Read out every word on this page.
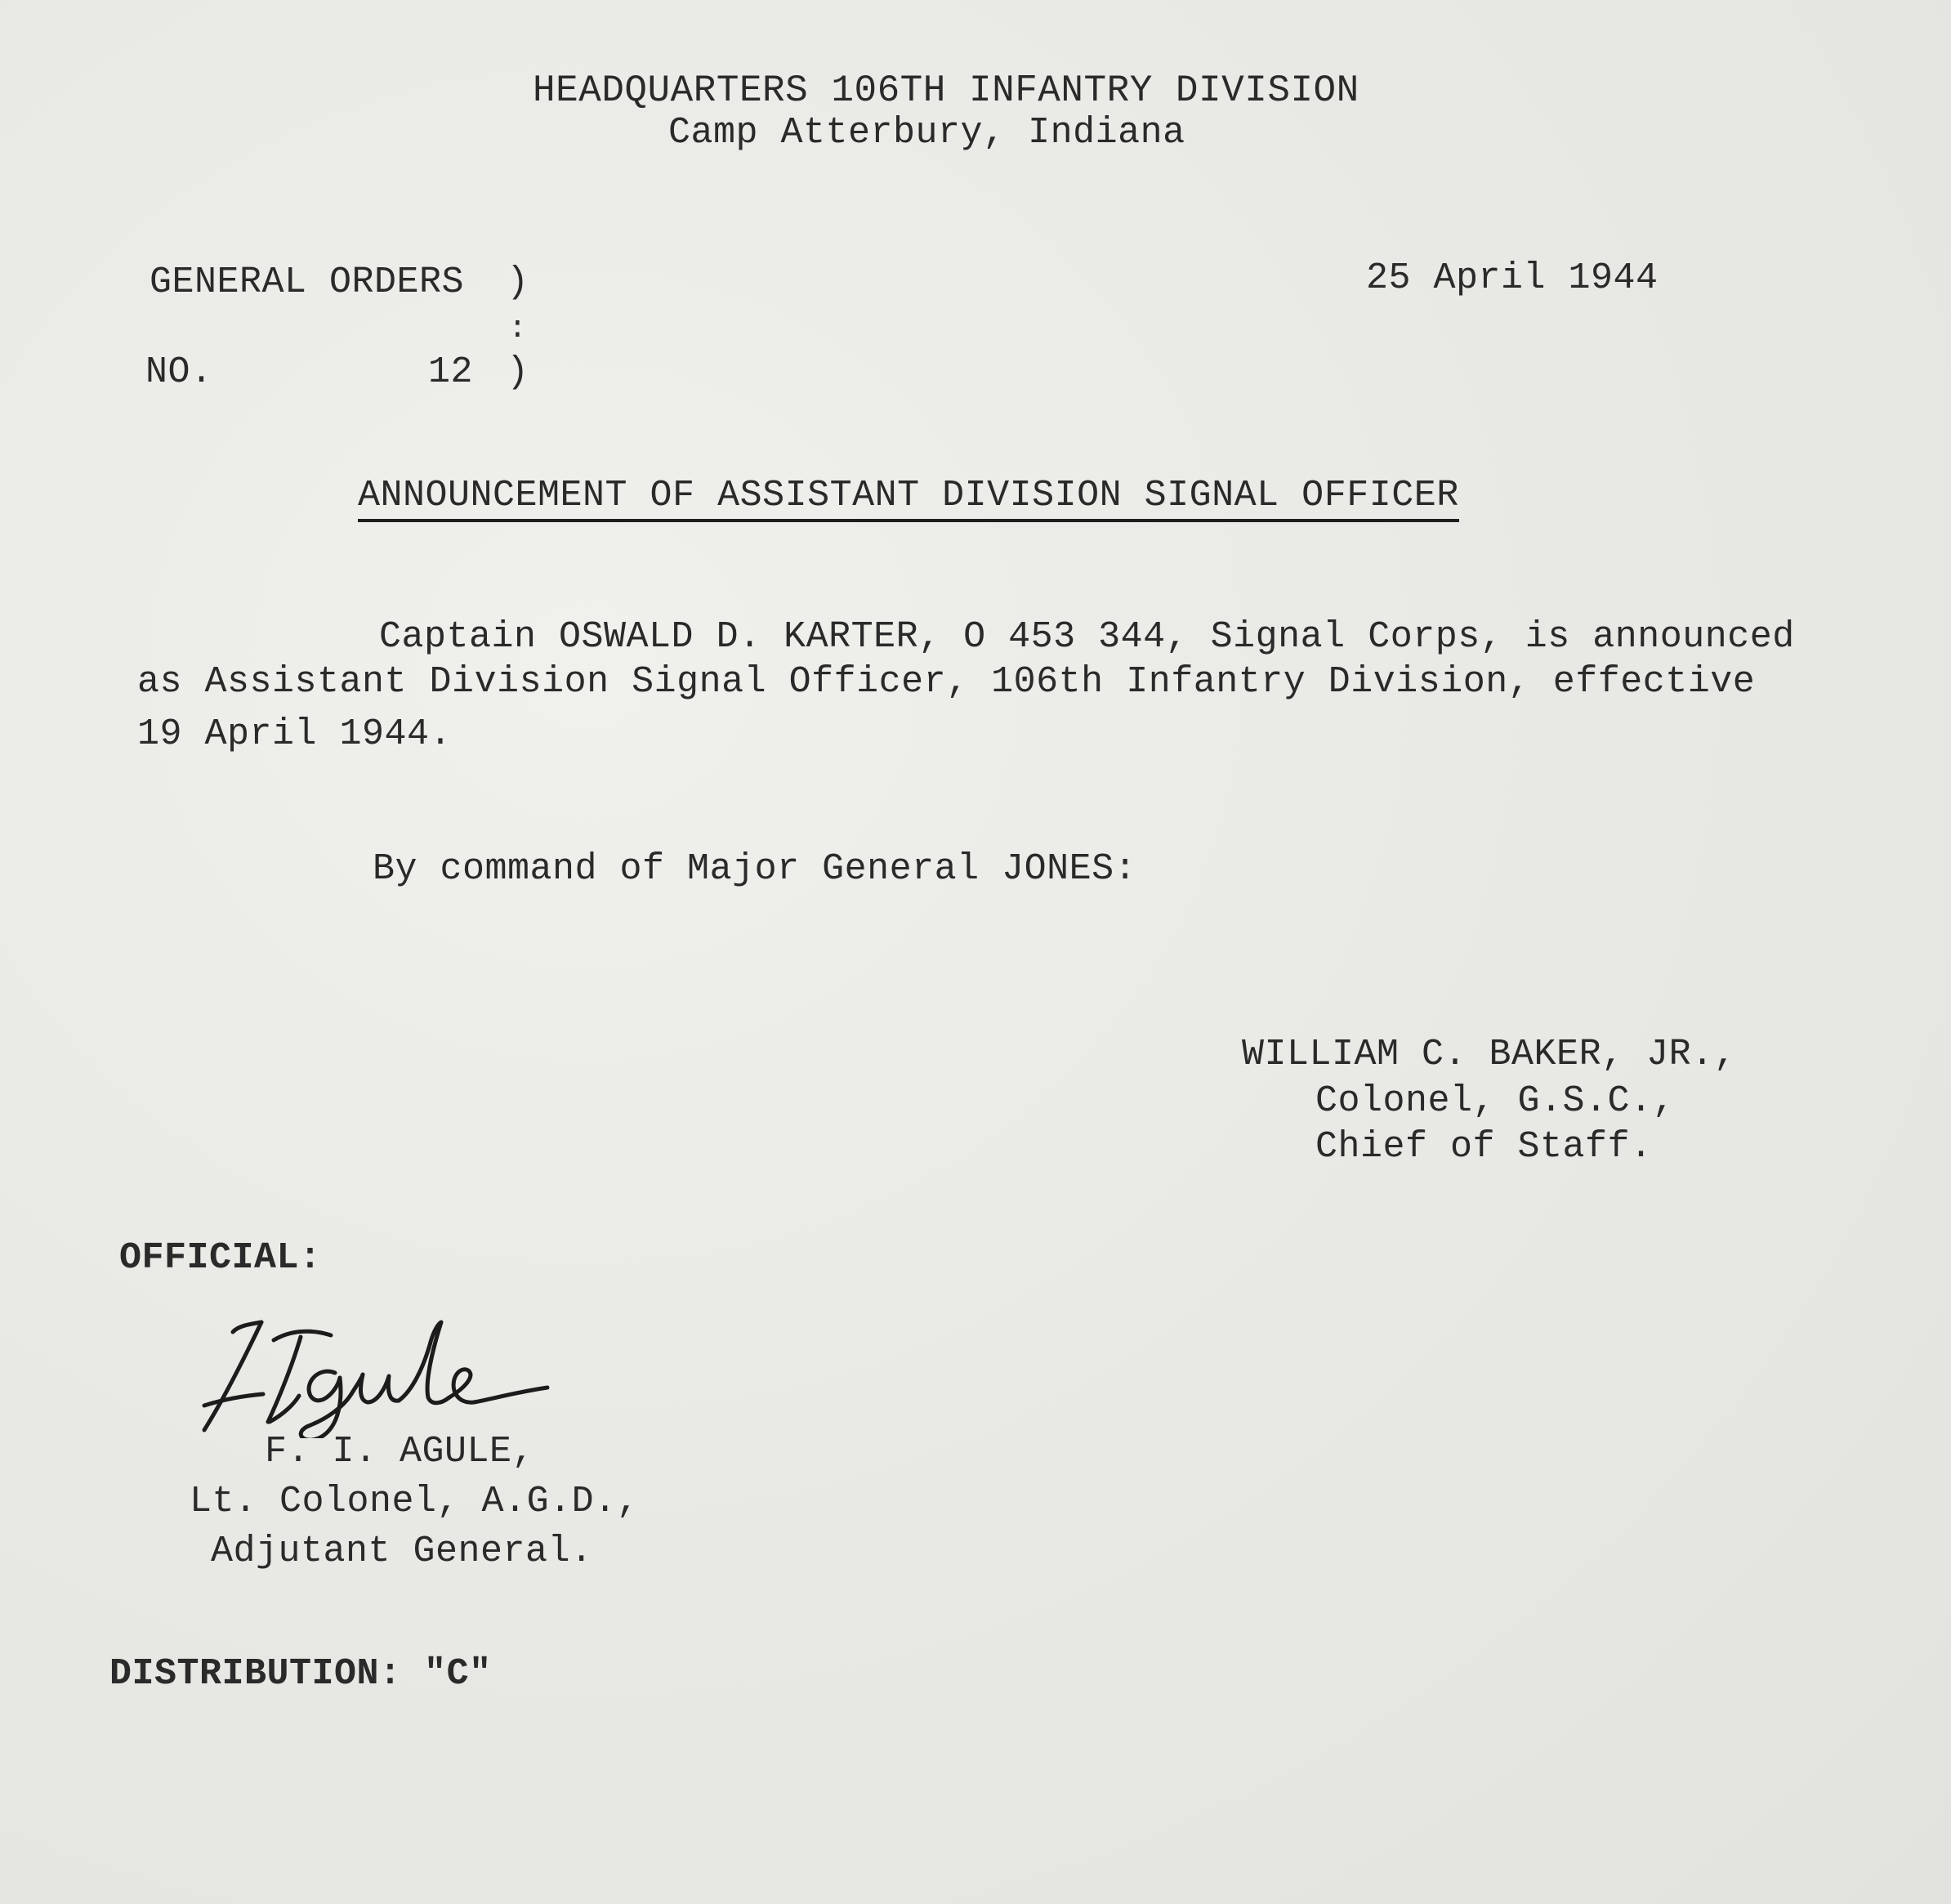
HEADQUARTERS 106TH INFANTRY DIVISION
Camp Atterbury, Indiana
GENERAL ORDERS )
:
NO.	12 )
25 April 1944
ANNOUNCEMENT OF ASSISTANT DIVISION SIGNAL OFFICER
Captain OSWALD D. KARTER, O 453 344, Signal Corps, is announced
as Assistant Division Signal Officer, 106th Infantry Division, effective
19 April 1944.
By command of Major General JONES:
WILLIAM C. BAKER, JR.,
Colonel, G.S.C.,
Chief of Staff.
OFFICIAL:
F. I. AGULE,
Lt. Colonel, A.G.D.,
Adjutant General.
DISTRIBUTION: "C"
